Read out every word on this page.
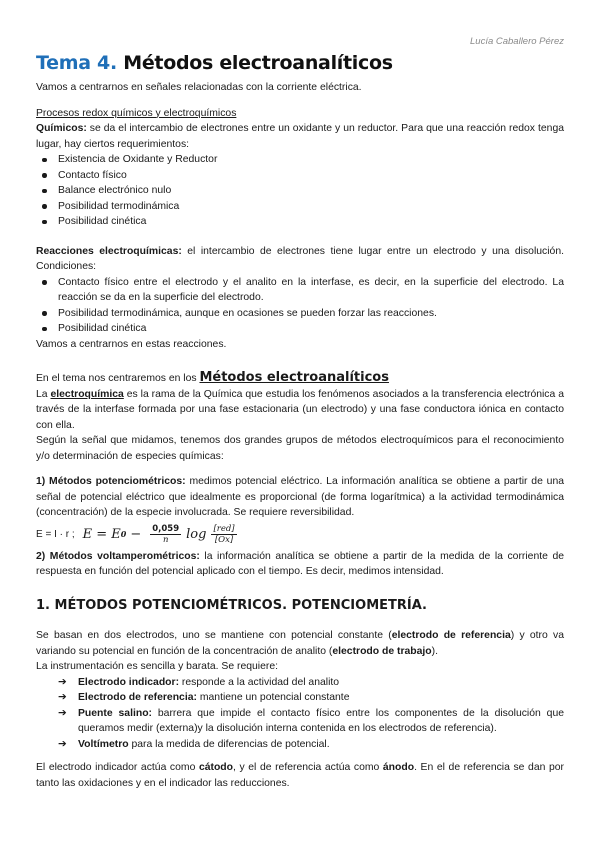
Lucía Caballero Pérez
Tema 4. Métodos electroanalíticos

Vamos a centrarnos en señales relacionadas con la corriente eléctrica.

Procesos redox químicos y electroquímicos

Químicos: se da el intercambio de electrones entre un oxidante y un reductor. Para que una reacción redox tenga lugar, hay ciertos requerimientos:

Existencia de Oxidante y Reductor
Contacto físico
Balance electrónico nulo
Posibilidad termodinámica
Posibilidad cinética

Reacciones electroquímicas: el intercambio de electrones tiene lugar entre un electrodo y una disolución. Condiciones:

Contacto físico entre el electrodo y el analito en la interfase, es decir, en la superficie del electrodo. La reacción se da en la superficie del electrodo.
Posibilidad termodinámica, aunque en ocasiones se pueden forzar las reacciones.
Posibilidad cinética

Vamos a centrarnos en estas reacciones.

En el tema nos centraremos en los Métodos electroanalíticos

La electroquímica es la rama de la Química que estudia los fenómenos asociados a la transferencia electrónica a través de la interfase formada por una fase estacionaria (un electrodo) y una fase conductora iónica en contacto con ella.

Según la señal que midamos, tenemos dos grandes grupos de métodos electroquímicos para el reconocimiento y/o determinación de especies químicas:

1) Métodos potenciométricos: medimos potencial eléctrico. La información analítica se obtiene a partir de una señal de potencial eléctrico que idealmente es proporcional (de forma logarítmica) a la actividad termodinámica (concentración) de la especie involucrada. Se requiere reversibilidad.

E = I · r ; E = E $0 - \frac{0,059}{n}$ $\log \frac{\text{[red]}}{[Ox]}$

2) Métodos voltamperométricos: la información analítica se obtiene a partir de la medida de la corriente de respuesta en función del potencial aplicado con el tiempo. Es decir, medimos intensidad.

1. MÉTODOS POTENCIOMÉTRICOS. POTENCIOMETRÍA.

Se basan en dos electrodos, uno se mantiene con potencial constante (electrodo de referencia) y otro va variando su potencial en función de la concentración de analito (electrodo de trabajo).

La instrumentación es sencilla y barata. Se requiere:

➔ Electrodo indicador: responde a la actividad del analito
➔ Electrodo de referencia: mantiene un potencial constante
➔ Puente salino: barrera que impide el contacto físico entre los componentes de la disolución que queramos medir (externa)y la disolución interna contenida en los electrodos de referencia).
➔ Voltímetro para la medida de diferencias de potencial.

El electrodo indicador actúa como cátodo, y el de referencia actúa como ánodo. En el de referencia se dan por tanto las oxidaciones y en el indicador las reducciones.
